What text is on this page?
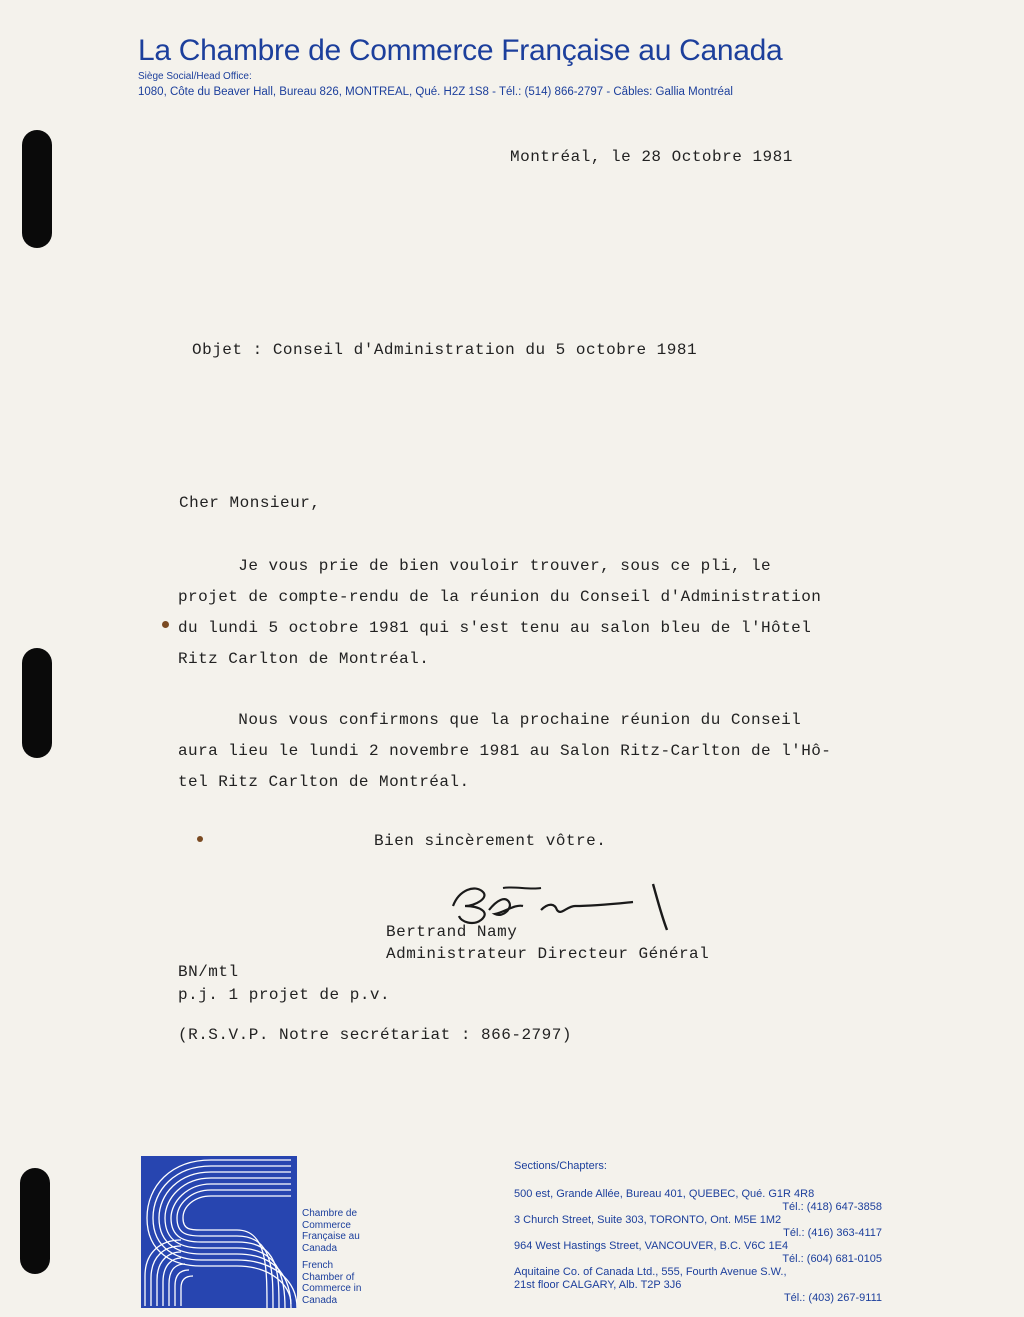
La Chambre de Commerce Française au Canada
Siège Social/Head Office:
1080, Côte du Beaver Hall, Bureau 826, MONTREAL, Qué. H2Z 1S8 - Tél.: (514) 866-2797 - Câbles: Gallia Montréal
Montréal, le 28 Octobre 1981
Objet : Conseil d'Administration du 5 octobre 1981
Cher Monsieur,
Je vous prie de bien vouloir trouver, sous ce pli, le
projet de compte-rendu de la réunion du Conseil d'Administration
du lundi 5 octobre 1981 qui s'est tenu au salon bleu de l'Hôtel
Ritz Carlton de Montréal.
Nous vous confirmons que la prochaine réunion du Conseil
aura lieu le lundi 2 novembre 1981 au Salon Ritz-Carlton de l'Hô-
tel Ritz Carlton de Montréal.
Bien sincèrement vôtre.
Bertrand Namy
Administrateur Directeur Général
BN/mtl
p.j. 1 projet de p.v.
(R.S.V.P. Notre secrétariat : 866-2797)
Chambre de
Commerce
Française au
Canada
French
Chamber of
Commerce in
Canada
Sections/Chapters:
500 est, Grande Allée, Bureau 401, QUEBEC, Qué. G1R 4R8
Tél.: (418) 647-3858
3 Church Street, Suite 303, TORONTO, Ont. M5E 1M2
Tél.: (416) 363-4117
964 West Hastings Street, VANCOUVER, B.C. V6C 1E4
Tél.: (604) 681-0105
Aquitaine Co. of Canada Ltd., 555, Fourth Avenue S.W.,
21st floor CALGARY, Alb. T2P 3J6
Tél.: (403) 267-9111
